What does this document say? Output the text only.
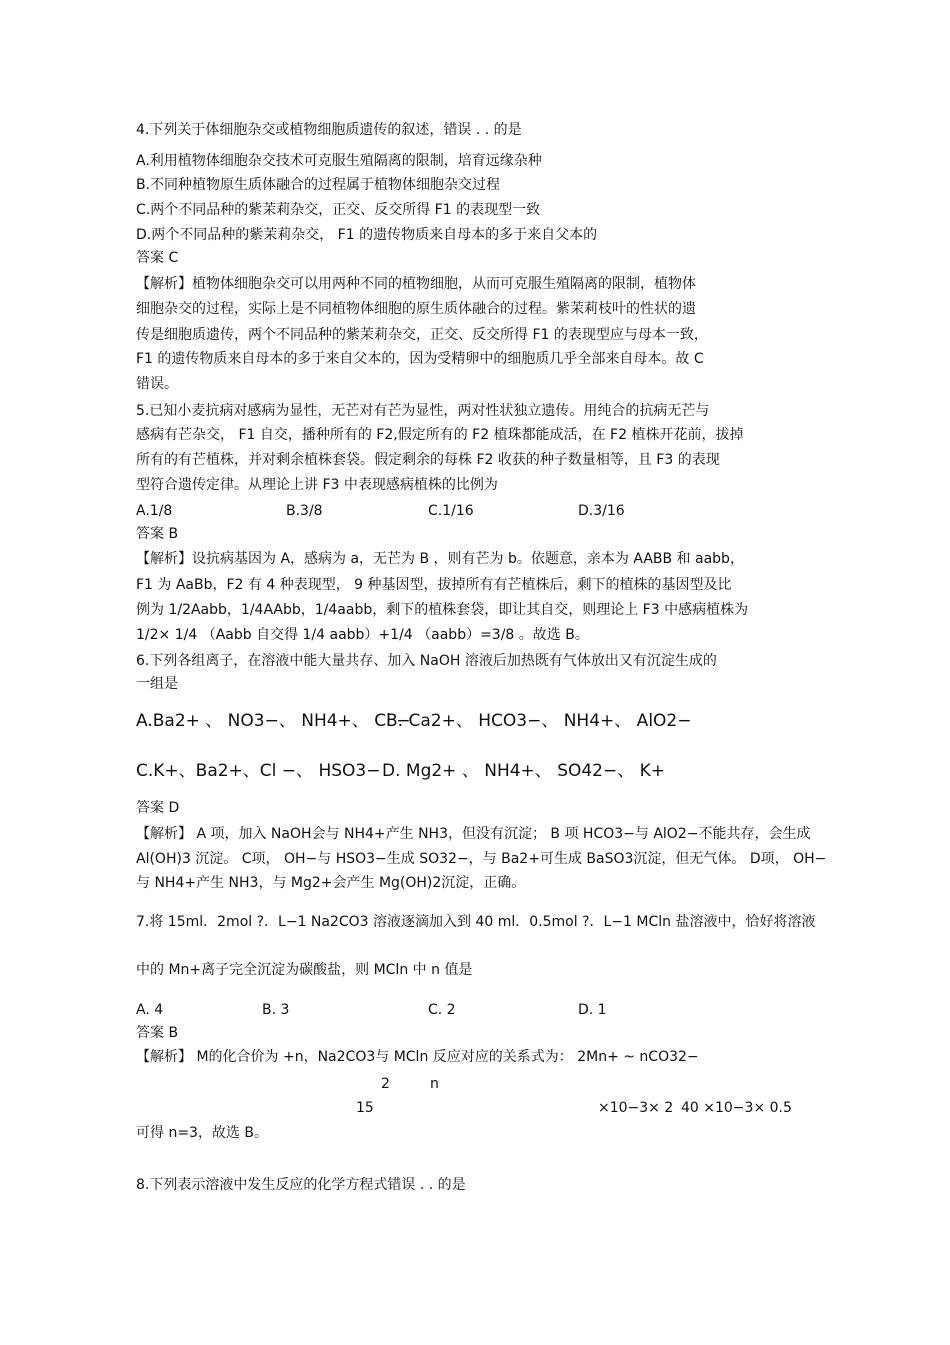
4.下列关于体细胞杂交或植物细胞质遗传的叙述，错误 . . 的是
A.利用植物体细胞杂交技术可克服生殖隔离的限制，培育远缘杂种
B.不同种植物原生质体融合的过程属于植物体细胞杂交过程
C.两个不同品种的紫茉莉杂交，正交、反交所得 F1 的表现型一致
D.两个不同品种的紫茉莉杂交， F1 的遗传物质来自母本的多于来自父本的
答案 C
【解析】植物体细胞杂交可以用两种不同的植物细胞，从而可克服生殖隔离的限制，植物体
细胞杂交的过程，实际上是不同植物体细胞的原生质体融合的过程。紫茉莉枝叶的性状的遗
传是细胞质遗传，两个不同品种的紫茉莉杂交，正交、反交所得 F1 的表现型应与母本一致，
F1 的遗传物质来自母本的多于来自父本的，因为受精卵中的细胞质几乎全部来自母本。故 C
错误。
5.已知小麦抗病对感病为显性，无芒对有芒为显性，两对性状独立遗传。用纯合的抗病无芒与
感病有芒杂交， F1 自交，播种所有的 F2,假定所有的 F2 植珠都能成活，在 F2 植株开花前，拔掉
所有的有芒植株，并对剩余植株套袋。假定剩余的每株 F2 收获的种子数量相等，且 F3 的表现
型符合遗传定律。从理论上讲 F3 中表现感病植株的比例为
A.1/8	B.3/8	C.1/16	D.3/16
答案 B
【解析】设抗病基因为 A，感病为 a，无芒为 B ，则有芒为 b。依题意，亲本为 AABB 和 aabb，
F1 为 AaBb，F2 有 4 种表现型， 9 种基因型，拔掉所有有芒植株后，剩下的植株的基因型及比
例为 1/2Aabb，1/4AAbb，1/4aabb，剩下的植株套袋，即让其自交，则理论上 F3 中感病植株为
1/2× 1/4 （Aabb 自交得 1/4 aabb）+1/4 （aabb）=3/8 。故选 B。
6.下列各组离子，在溶液中能大量共存、加入 NaOH 溶液后加热既有气体放出又有沉淀生成的
一组是
A.Ba2+ 、 NO3−、 NH4+、 Cl −
B. Ca2+、 HCO3−、 NH4+、 AlO2−
C.K+、Ba2+、Cl −、 HSO3− D. Mg2+ 、 NH4+、 SO42−、 K+
答案 D
【解析】 A 项，加入 NaOH会与 NH4+产生 NH3，但没有沉淀； B 项 HCO3−与 AlO2−不能共存，会生成
Al(OH)3 沉淀。 C项， OH−与 HSO3−生成 SO32−，与 Ba2+可生成 BaSO3沉淀，但无气体。 D项， OH−
与 NH4+产生 NH3，与 Mg2+会产生 Mg(OH)2沉淀，正确。
7.将 15ml．2mol ?．L−1 Na2CO3 溶液逐滴加入到 40 ml．0.5mol ?．L−1 MCln 盐溶液中，恰好将溶液
中的 Mn+离子完全沉淀为碳酸盐，则 MCln 中 n 值是
A. 4	B. 3	C. 2	D. 1
答案 B
【解析】 M的化合价为 +n，Na2CO3与 MCln 反应对应的关系式为： 2Mn+ ~ nCO32−
2	n
15	×10−3× 2 40 ×10−3× 0.5
可得 n=3，故选 B。
8.下列表示溶液中发生反应的化学方程式错误 . . 的是
